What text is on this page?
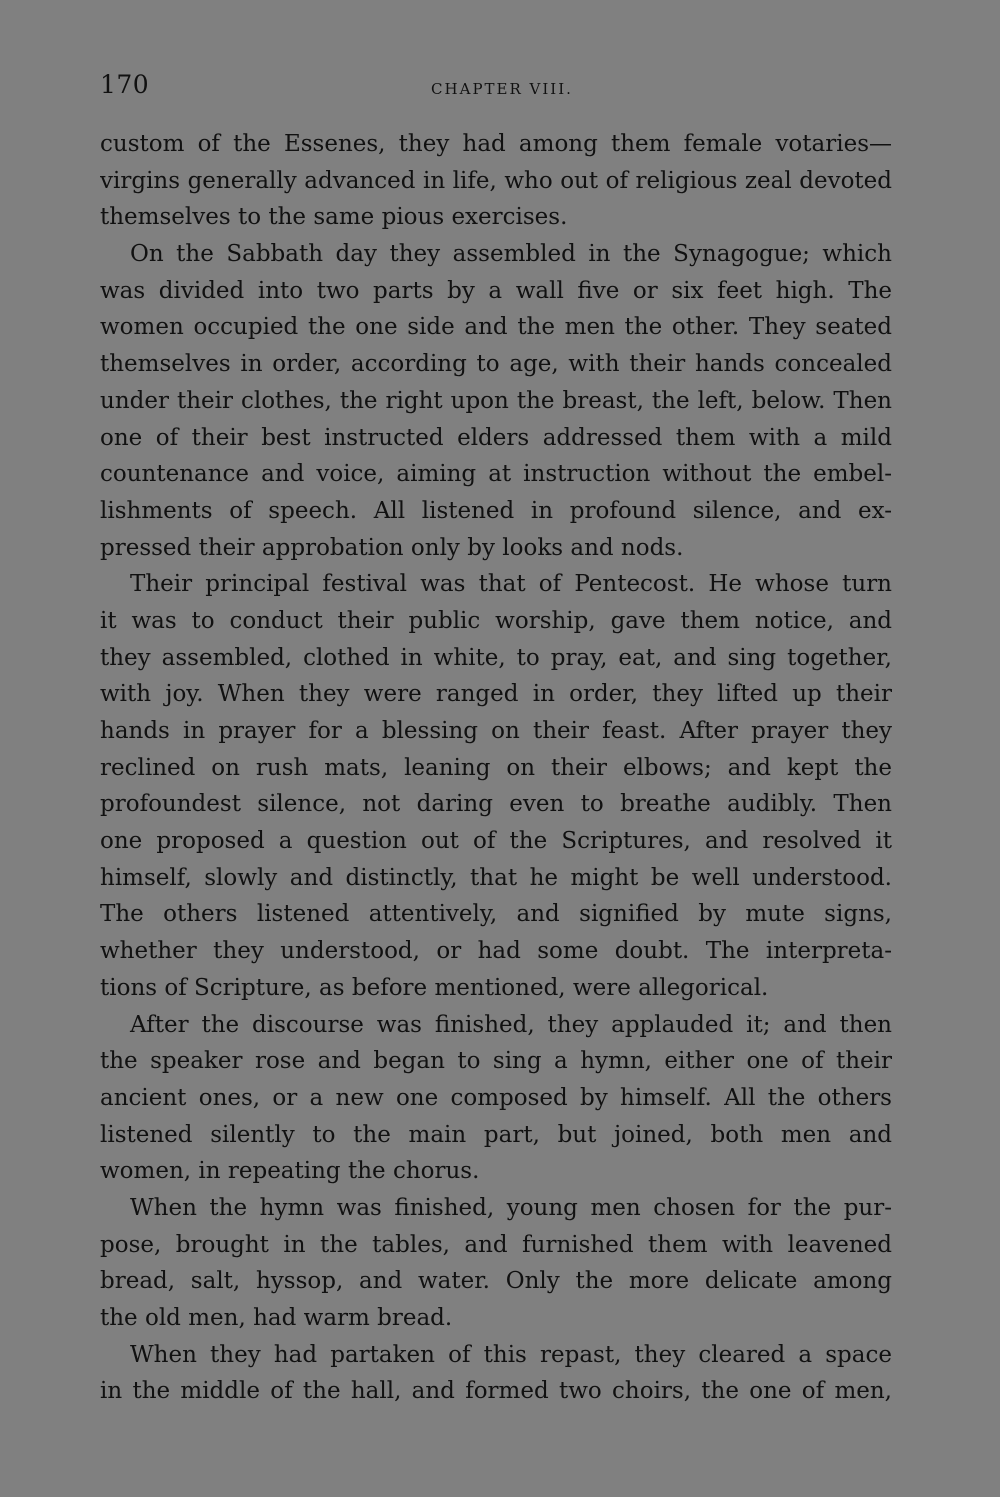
170	CHAPTER VIII.
custom of the Essenes, they had among them female votaries—
virgins generally advanced in life, who out of religious zeal devoted
themselves to the same pious exercises.
On the Sabbath day they assembled in the Synagogue; which
was divided into two parts by a wall five or six feet high. The
women occupied the one side and the men the other. They seated
themselves in order, according to age, with their hands concealed
under their clothes, the right upon the breast, the left, below. Then
one of their best instructed elders addressed them with a mild
countenance and voice, aiming at instruction without the embel-
lishments of speech. All listened in profound silence, and ex-
pressed their approbation only by looks and nods.
Their principal festival was that of Pentecost. He whose turn
it was to conduct their public worship, gave them notice, and
they assembled, clothed in white, to pray, eat, and sing together,
with joy. When they were ranged in order, they lifted up their
hands in prayer for a blessing on their feast. After prayer they
reclined on rush mats, leaning on their elbows; and kept the
profoundest silence, not daring even to breathe audibly. Then
one proposed a question out of the Scriptures, and resolved it
himself, slowly and distinctly, that he might be well understood.
The others listened attentively, and signified by mute signs,
whether they understood, or had some doubt. The interpreta-
tions of Scripture, as before mentioned, were allegorical.
After the discourse was finished, they applauded it; and then
the speaker rose and began to sing a hymn, either one of their
ancient ones, or a new one composed by himself. All the others
listened silently to the main part, but joined, both men and
women, in repeating the chorus.
When the hymn was finished, young men chosen for the pur-
pose, brought in the tables, and furnished them with leavened
bread, salt, hyssop, and water. Only the more delicate among
the old men, had warm bread.
When they had partaken of this repast, they cleared a space
in the middle of the hall, and formed two choirs, the one of men,
